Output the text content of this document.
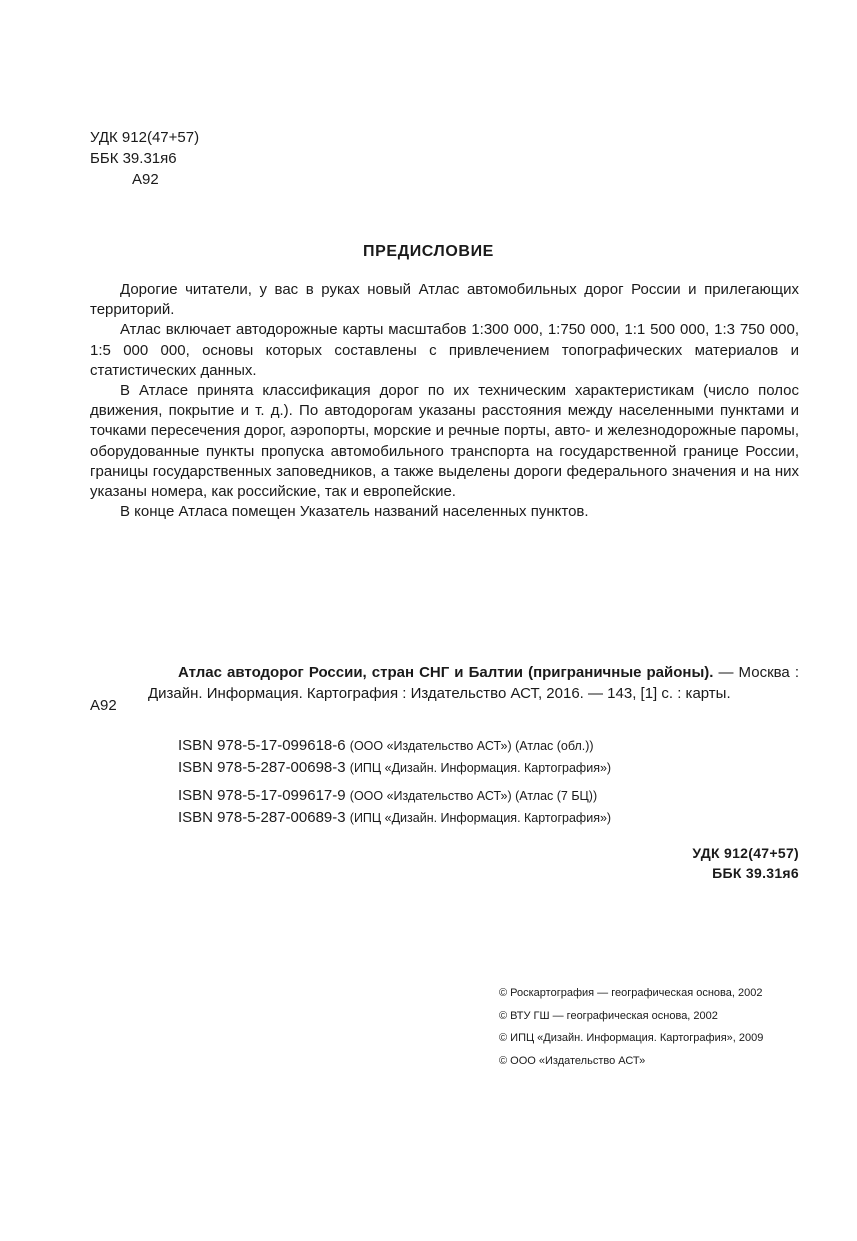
УДК 912(47+57)
ББК 39.31я6
А92
ПРЕДИСЛОВИЕ

Дорогие читатели, у вас в руках новый Атлас автомобильных дорог России и прилегающих территорий.

Атлас включает автодорожные карты масштабов 1:300 000, 1:750 000, 1:1 500 000, 1:3 750 000, 1:5 000 000, основы которых составлены с привлечением топографических материалов и статистических данных.

В Атласе принята классификация дорог по их техническим характеристикам (число полос движения, покрытие и т. д.). По автодорогам указаны расстояния между населенными пунктами и точками пересечения дорог, аэропорты, морские и речные порты, авто- и железнодорожные паромы, оборудованные пункты пропуска автомобильного транспорта на государственной границе России, границы государственных заповедников, а также выделены дороги федерального значения и на них указаны номера, как российские, так и европейские.

В конце Атласа помещен Указатель названий населенных пунктов.

А92

Атлас автодорог России, стран СНГ и Балтии (приграничные районы). — Москва : Дизайн. Информация. Картография : Издательство АСТ, 2016. — 143, [1] с. : карты.

ISBN 978-5-17-099618-6 (ООО «Издательство АСТ») (Атлас (обл.))
ISBN 978-5-287-00698-3 (ИПЦ «Дизайн. Информация. Картография»)
ISBN 978-5-17-099617-9 (ООО «Издательство АСТ») (Атлас (7 БЦ))
ISBN 978-5-287-00689-3 (ИПЦ «Дизайн. Информация. Картография»)
УДК 912(47+57)
ББК 39.31я6
© Роскартография — географическая основа, 2002
© ВТУ ГШ — географическая основа, 2002
© ИПЦ «Дизайн. Информация. Картография», 2009
© ООО «Издательство АСТ»
